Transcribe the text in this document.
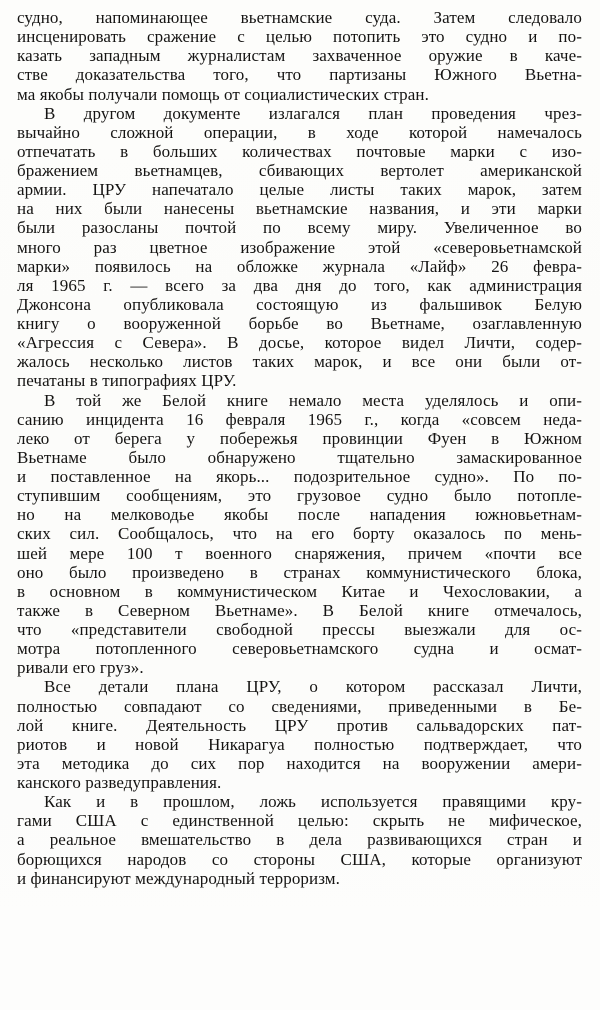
судно, напоминающее вьетнамские суда. Затем следовало
инсценировать сражение с целью потопить это судно и по-
казать западным журналистам захваченное оружие в каче-
стве доказательства того, что партизаны Южного Вьетна-
ма якобы получали помощь от социалистических стран.
В другом документе излагался план проведения чрез-
вычайно сложной операции, в ходе которой намечалось
отпечатать в больших количествах почтовые марки с изо-
бражением вьетнамцев, сбивающих вертолет американской
армии. ЦРУ напечатало целые листы таких марок, затем
на них были нанесены вьетнамские названия, и эти марки
были разосланы почтой по всему миру. Увеличенное во
много раз цветное изображение этой «северовьетнамской
марки» появилось на обложке журнала «Лайф» 26 февра-
ля 1965 г. — всего за два дня до того, как администрация
Джонсона опубликовала состоящую из фальшивок Белую
книгу о вооруженной борьбе во Вьетнаме, озаглавленную
«Агрессия с Севера». В досье, которое видел Личти, содер-
жалось несколько листов таких марок, и все они были от-
печатаны в типографиях ЦРУ.
В той же Белой книге немало места уделялось и опи-
санию инцидента 16 февраля 1965 г., когда «совсем неда-
леко от берега у побережья провинции Фуен в Южном
Вьетнаме было обнаружено тщательно замаскированное
и поставленное на якорь... подозрительное судно». По по-
ступившим сообщениям, это грузовое судно было потопле-
но на мелководье якобы после нападения южновьетнам-
ских сил. Сообщалось, что на его борту оказалось по мень-
шей мере 100 т военного снаряжения, причем «почти все
оно было произведено в странах коммунистического блока,
в основном в коммунистическом Китае и Чехословакии, а
также в Северном Вьетнаме». В Белой книге отмечалось,
что «представители свободной прессы выезжали для ос-
мотра потопленного северовьетнамского судна и осмат-
ривали его груз».
Все детали плана ЦРУ, о котором рассказал Личти,
полностью совпадают со сведениями, приведенными в Бе-
лой книге. Деятельность ЦРУ против сальвадорских пат-
риотов и новой Никарагуа полностью подтверждает, что
эта методика до сих пор находится на вооружении амери-
канского разведуправления.
Как и в прошлом, ложь используется правящими кру-
гами США с единственной целью: скрыть не мифическое,
а реальное вмешательство в дела развивающихся стран и
борющихся народов со стороны США, которые организуют
и финансируют международный терроризм.
